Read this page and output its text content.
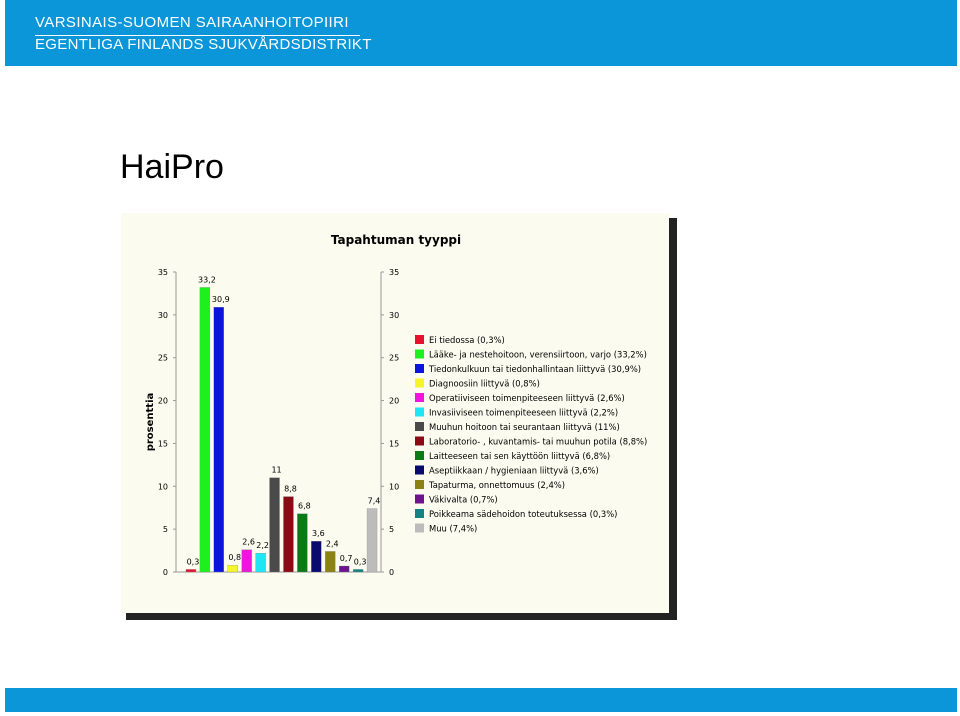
VARSINAIS-SUOMEN SAIRAANHOITOPIIRI
EGENTLIGA FINLANDS SJUKVÅRDSDISTRIKT
HaiPro
Tapahtuman tyyppi
prosenttia
0	0
5	5
10	10
15	15
20	20
25	25
30	30
35	35
0,3
33,2
30,9
0,8
2,6 2,2
11
8,8
6,8
3,6
2,4
0,7 0,3
7,4
Ei tiedossa (0,3%)
Lääke- ja nestehoitoon, verensiirtoon, varjo (33,2%)
Tiedonkulkuun tai tiedonhallintaan liittyvä (30,9%)
Diagnoosiin liittyvä (0,8%)
Operatiiviseen toimenpiteeseen liittyvä (2,6%)
Invasiiviseen toimenpiteeseen liittyvä (2,2%)
Muuhun hoitoon tai seurantaan liittyvä (11%)
Laboratorio- , kuvantamis- tai muuhun potila (8,8%)
Laitteeseen tai sen käyttöön liittyvä (6,8%)
Aseptiikkaan / hygieniaan liittyvä (3,6%)
Tapaturma, onnettomuus (2,4%)
Väkivalta (0,7%)
Poikkeama sädehoidon toteutuksessa (0,3%)
Muu (7,4%)
